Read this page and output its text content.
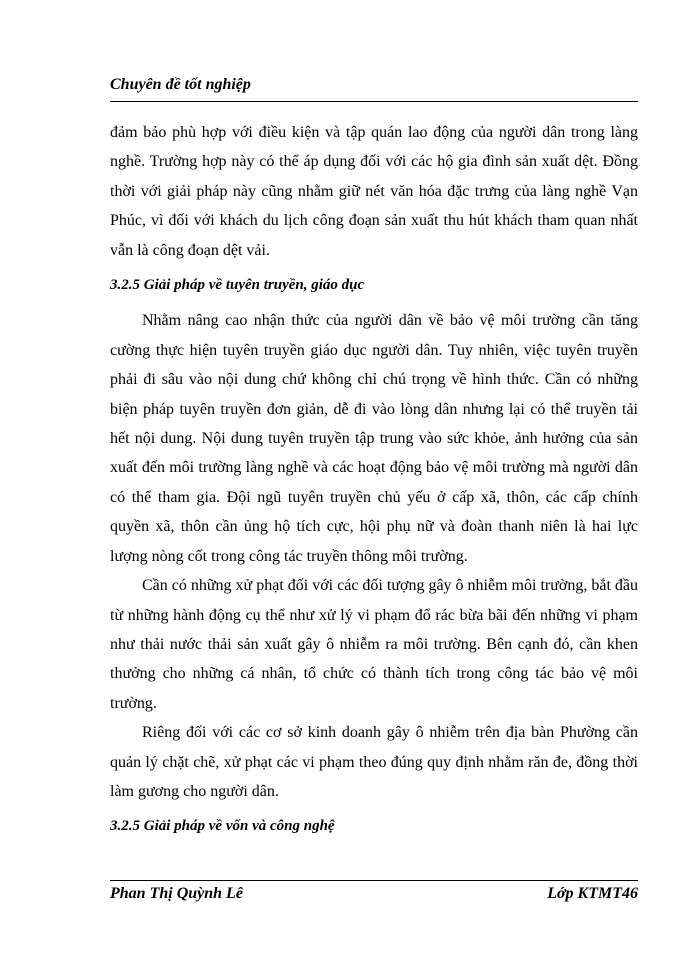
Chuyên đề tốt nghiệp

đảm bảo phù hợp với điều kiện và tập quán lao động của người dân trong làng nghề. Trường hợp này có thể áp dụng đối với các hộ gia đình sản xuất dệt. Đồng thời với giải pháp này cũng nhằm giữ nét văn hóa đặc trưng của làng nghề Vạn Phúc, vì đối với khách du lịch công đoạn sản xuất thu hút khách tham quan nhất vẫn là công đoạn dệt vải.

3.2.5 Giải pháp về tuyên truyền, giáo dục

Nhằm nâng cao nhận thức của người dân về bảo vệ môi trường cần tăng cường thực hiện tuyên truyền giáo dục người dân. Tuy nhiên, việc tuyên truyền phải đi sâu vào nội dung chứ không chỉ chú trọng về hình thức. Cần có những biện pháp tuyên truyền đơn giản, dễ đi vào lòng dân nhưng lại có thể truyền tải hết nội dung. Nội dung tuyên truyền tập trung vào sức khỏe, ảnh hưởng của sản xuất đến môi trường làng nghề và các hoạt động bảo vệ môi trường mà người dân có thể tham gia. Đội ngũ tuyên truyền chủ yếu ở cấp xã, thôn, các cấp chính quyền xã, thôn cần ủng hộ tích cực, hội phụ nữ và đoàn thanh niên là hai lực lượng nòng cốt trong công tác truyền thông môi trường.

Cần có những xử phạt đối với các đối tượng gây ô nhiễm môi trường, bắt đầu từ những hành động cụ thể như xử lý vi phạm đổ rác bừa bãi đến những vi phạm như thải nước thải sản xuất gây ô nhiễm ra môi trường. Bên cạnh đó, cần khen thưởng cho những cá nhân, tổ chức có thành tích trong công tác bảo vệ môi trường.

Riêng đối với các cơ sở kinh doanh gây ô nhiễm trên địa bàn Phường cần quản lý chặt chẽ, xử phạt các vi phạm theo đúng quy định nhằm răn đe, đồng thời làm gương cho người dân.

3.2.5 Giải pháp về vốn và công nghệ

Phan Thị Quỳnh Lê	Lớp KTMT46
